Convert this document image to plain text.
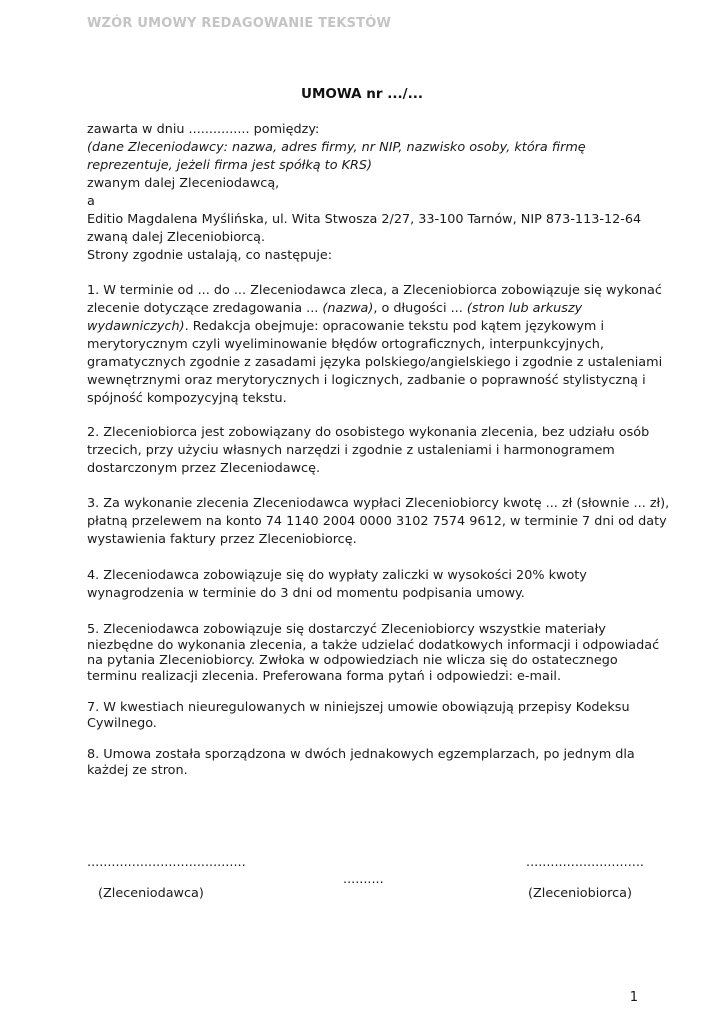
WZÓR UMOWY REDAGOWANIE TEKSTÓW
UMOWA nr .../...
zawarta w dniu ............... pomiędzy:
(dane Zleceniodawcy: nazwa, adres firmy, nr NIP, nazwisko osoby, która firmę
reprezentuje, jeżeli firma jest spółką to KRS)
zwanym dalej Zleceniodawcą,
a
Editio Magdalena Myślińska, ul. Wita Stwosza 2/27, 33-100 Tarnów, NIP 873-113-12-64
zwaną dalej Zleceniobiorcą.
Strony zgodnie ustalają, co następuje:
1. W terminie od ... do ... Zleceniodawca zleca, a Zleceniobiorca zobowiązuje się wykonać
zlecenie dotyczące zredagowania ... (nazwa), o długości ... (stron lub arkuszy
wydawniczych). Redakcja obejmuje: opracowanie tekstu pod kątem językowym i
merytorycznym czyli wyeliminowanie błędów ortograficznych, interpunkcyjnych,
gramatycznych zgodnie z zasadami języka polskiego/angielskiego i zgodnie z ustaleniami
wewnętrznymi oraz merytorycznych i logicznych, zadbanie o poprawność stylistyczną i
spójność kompozycyjną tekstu.
2. Zleceniobiorca jest zobowiązany do osobistego wykonania zlecenia, bez udziału osób
trzecich, przy użyciu własnych narzędzi i zgodnie z ustaleniami i harmonogramem
dostarczonym przez Zleceniodawcę.
3. Za wykonanie zlecenia Zleceniodawca wypłaci Zleceniobiorcy kwotę ... zł (słownie ... zł),
płatną przelewem na konto 74 1140 2004 0000 3102 7574 9612, w terminie 7 dni od daty
wystawienia faktury przez Zleceniobiorcę.
4. Zleceniodawca zobowiązuje się do wypłaty zaliczki w wysokości 20% kwoty
wynagrodzenia w terminie do 3 dni od momentu podpisania umowy.
5. Zleceniodawca zobowiązuje się dostarczyć Zleceniobiorcy wszystkie materiały
niezbędne do wykonania zlecenia, a także udzielać dodatkowych informacji i odpowiadać
na pytania Zleceniobiorcy. Zwłoka w odpowiedziach nie wlicza się do ostatecznego
terminu realizacji zlecenia. Preferowana forma pytań i odpowiedzi: e-mail.
7. W kwestiach nieuregulowanych w niniejszej umowie obowiązują przepisy Kodeksu
Cywilnego.
8. Umowa została sporządzona w dwóch jednakowych egzemplarzach, po jednym dla
każdej ze stron.
.......................................
..........
.............................
(Zleceniodawca)	(Zleceniobiorca)
1
